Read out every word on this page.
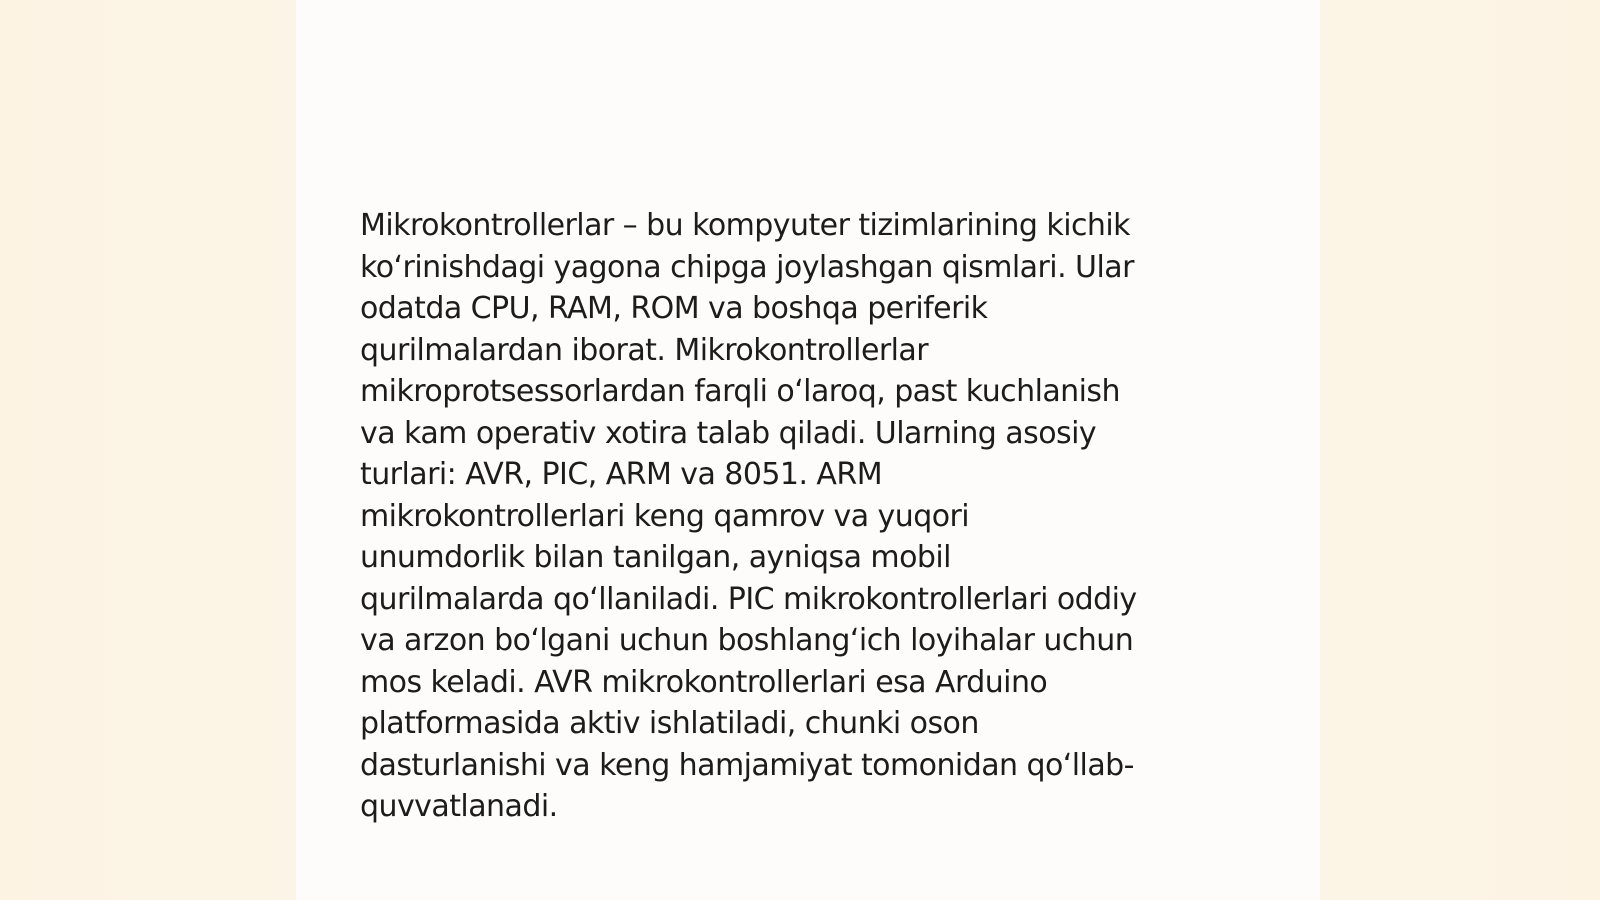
Mikrokontrollerlar – bu kompyuter tizimlarining kichik
ko‘rinishdagi yagona chipga joylashgan qismlari. Ular
odatda CPU, RAM, ROM va boshqa periferik
qurilmalardan iborat. Mikrokontrollerlar
mikroprotsessorlardan farqli o‘laroq, past kuchlanish
va kam operativ xotira talab qiladi. Ularning asosiy
turlari: AVR, PIC, ARM va 8051. ARM
mikrokontrollerlari keng qamrov va yuqori
unumdorlik bilan tanilgan, ayniqsa mobil
qurilmalarda qo‘llaniladi. PIC mikrokontrollerlari oddiy
va arzon bo‘lgani uchun boshlang‘ich loyihalar uchun
mos keladi. AVR mikrokontrollerlari esa Arduino
platformasida aktiv ishlatiladi, chunki oson
dasturlanishi va keng hamjamiyat tomonidan qo‘llab-
quvvatlanadi.
